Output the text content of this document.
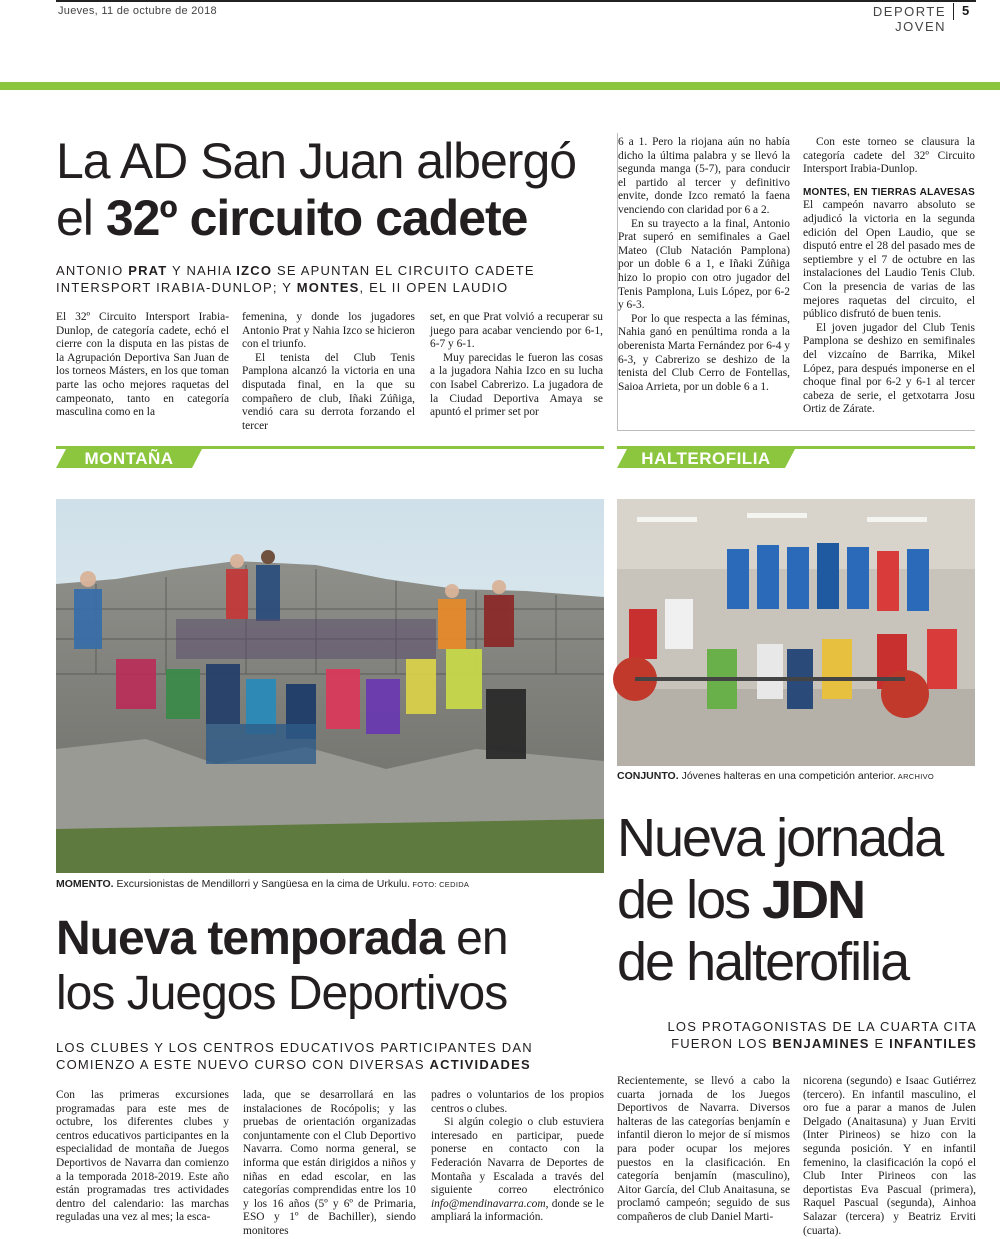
Jueves, 11 de octubre de 2018	DEPORTE JOVEN
5
La AD San Juan albergó
el 32º circuito cadete
ANTONIO PRAT Y NAHIA IZCO SE APUNTAN EL CIRCUITO CADETE
INTERSPORT IRABIA-DUNLOP; Y MONTES, EL II OPEN LAUDIO

El 32º Circuito Intersport Irabia-Dunlop, de categoría cadete, echó el cierre con la disputa en las pistas de la Agrupación Deportiva San Juan de los torneos Másters, en los que toman parte las ocho mejores raquetas del campeonato, tanto en categoría masculina como en la

femenina, y donde los jugadores Antonio Prat y Nahia Izco se hicieron con el triunfo.

El tenista del Club Tenis Pamplona alcanzó la victoria en una disputada final, en la que su compañero de club, Iñaki Zúñiga, vendió cara su derrota forzando el tercer

set, en que Prat volvió a recuperar su juego para acabar venciendo por 6-1, 6-7 y 6-1.

Muy parecidas le fueron las cosas a la jugadora Nahia Izco en su lucha con Isabel Cabrerizo. La jugadora de la Ciudad Deportiva Amaya se apuntó el primer set por

6 a 1. Pero la riojana aún no había dicho la última palabra y se llevó la segunda manga (5-7), para conducir el partido al tercer y definitivo envite, donde Izco remató la faena venciendo con claridad por 6 a 2.

En su trayecto a la final, Antonio Prat superó en semifinales a Gael Mateo (Club Natación Pamplona) por un doble 6 a 1, e Iñaki Zúñiga hizo lo propio con otro jugador del Tenis Pamplona, Luis López, por 6-2 y 6-3.

Por lo que respecta a las féminas, Nahia ganó en penúltima ronda a la oberenista Marta Fernández por 6-4 y 6-3, y Cabrerizo se deshizo de la tenista del Club Cerro de Fontellas, Saioa Arrieta, por un doble 6 a 1.

Con este torneo se clausura la categoría cadete del 32º Circuito Intersport Irabia-Dunlop.

MONTES, EN TIERRAS ALAVESAS El campeón navarro absoluto se adjudicó la victoria en la segunda edición del Open Laudio, que se disputó entre el 28 del pasado mes de septiembre y el 7 de octubre en las instalaciones del Laudio Tenis Club. Con la presencia de varias de las mejores raquetas del circuito, el público disfrutó de buen tenis.

El joven jugador del Club Tenis Pamplona se deshizo en semifinales del vizcaíno de Barrika, Mikel López, para después imponerse en el choque final por 6-2 y 6-1 al tercer cabeza de serie, el getxotarra Josu Ortiz de Zárate.

MONTAÑA
MOMENTO. Excursionistas de Mendillorri y Sangüesa en la cima de Urkulu. FOTO: CEDIDA
Nueva temporada en
los Juegos Deportivos
LOS CLUBES Y LOS CENTROS EDUCATIVOS PARTICIPANTES DAN
COMIENZO A ESTE NUEVO CURSO CON DIVERSAS ACTIVIDADES

Con las primeras excursiones programadas para este mes de octubre, los diferentes clubes y centros educativos participantes en la especialidad de montaña de Juegos Deportivos de Navarra dan comienzo a la temporada 2018-2019. Este año están programadas tres actividades dentro del calendario: las marchas reguladas una vez al mes; la esca-

lada, que se desarrollará en las instalaciones de Rocópolis; y las pruebas de orientación organizadas conjuntamente con el Club Deportivo Navarra. Como norma general, se informa que están dirigidos a niños y niñas en edad escolar, en las categorías comprendidas entre los 10 y los 16 años (5º y 6º de Primaria, ESO y 1º de Bachiller), siendo monitores

padres o voluntarios de los propios centros o clubes.

Si algún colegio o club estuviera interesado en participar, puede ponerse en contacto con la Federación Navarra de Deportes de Montaña y Escalada a través del siguiente correo electrónico info@mendinavarra.com, donde se le ampliará la información.

HALTEROFILIA
CONJUNTO. Jóvenes halteras en una competición anterior. ARCHIVO
Nueva jornada
de los JDN
de halterofilia
LOS PROTAGONISTAS DE LA CUARTA CITA
FUERON LOS BENJAMINES E INFANTILES

Recientemente, se llevó a cabo la cuarta jornada de los Juegos Deportivos de Navarra. Diversos halteras de las categorías benjamín e infantil dieron lo mejor de sí mismos para poder ocupar los mejores puestos en la clasificación. En categoría benjamín (masculino), Aitor García, del Club Anaitasuna, se proclamó campeón; seguido de sus compañeros de club Daniel Marti-

nicorena (segundo) e Isaac Gutiérrez (tercero). En infantil masculino, el oro fue a parar a manos de Julen Delgado (Anaitasuna) y Juan Erviti (Inter Pirineos) se hizo con la segunda posición. Y en infantil femenino, la clasificación la copó el Club Inter Pirineos con las deportistas Eva Pascual (primera), Raquel Pascual (segunda), Ainhoa Salazar (tercera) y Beatriz Erviti (cuarta).
